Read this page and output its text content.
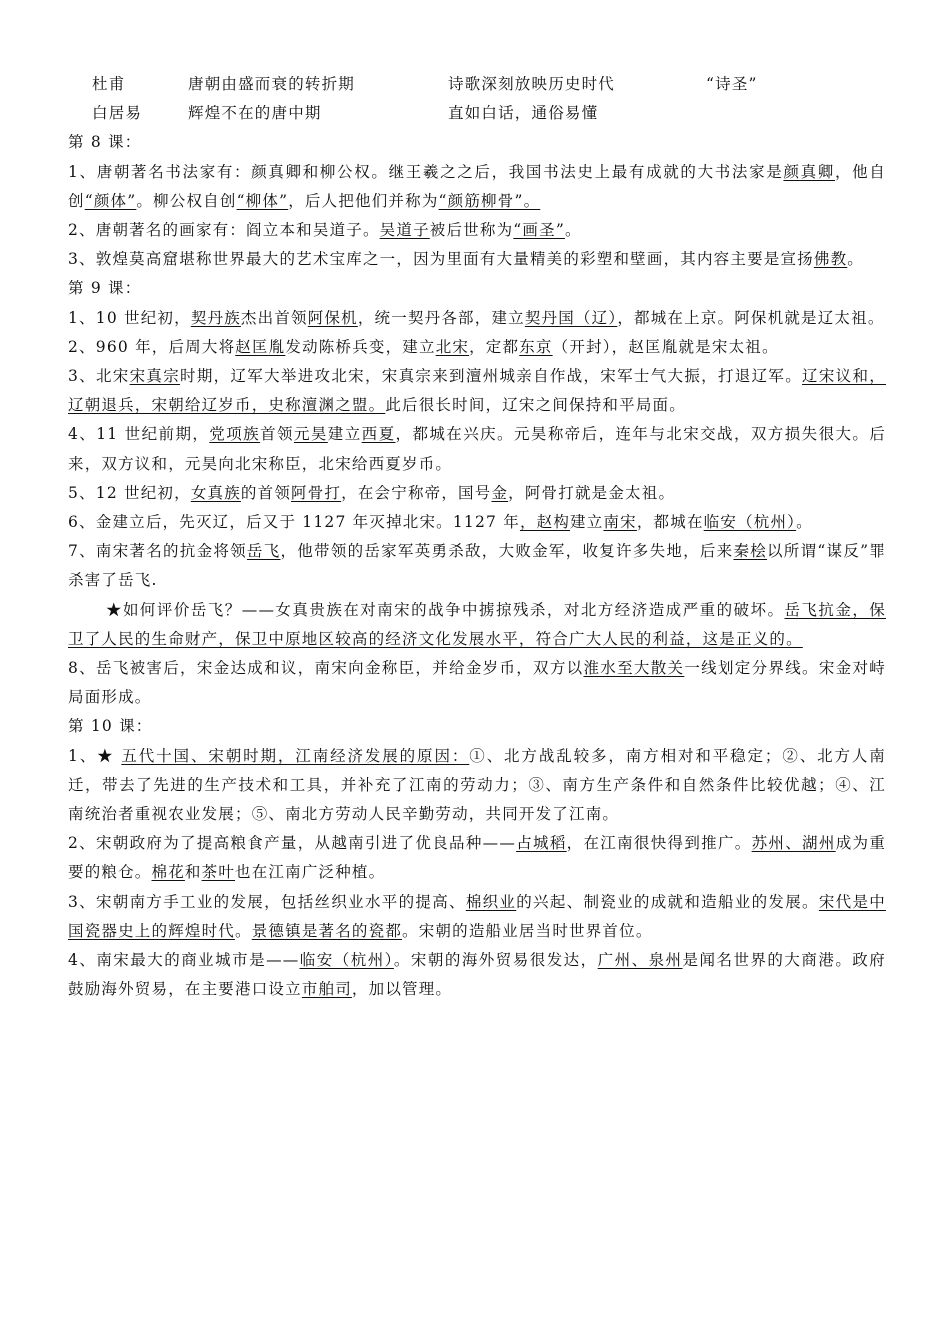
杜甫	唐朝由盛而衰的转折期	诗歌深刻放映历史时代	“诗圣”
白居易	辉煌不在的唐中期	直如白话，通俗易懂

第 8 课：

1、唐朝著名书法家有：颜真卿和柳公权。继王羲之之后，我国书法史上最有成就的大书法家是颜真卿，他自创“颜体”。柳公权自创“柳体”，后人把他们并称为“颜筋柳骨”。

2、唐朝著名的画家有：阎立本和吴道子。吴道子被后世称为“画圣”。

3、敦煌莫高窟堪称世界最大的艺术宝库之一，因为里面有大量精美的彩塑和壁画，其内容主要是宣扬佛教。

第 9 课：

1、10 世纪初，契丹族杰出首领阿保机，统一契丹各部，建立契丹国（辽），都城在上京。阿保机就是辽太祖。

2、960 年，后周大将赵匡胤发动陈桥兵变，建立北宋，定都东京（开封），赵匡胤就是宋太祖。

3、北宋宋真宗时期，辽军大举进攻北宋，宋真宗来到澶州城亲自作战，宋军士气大振，打退辽军。辽宋议和，辽朝退兵，宋朝给辽岁币，史称澶渊之盟。此后很长时间，辽宋之间保持和平局面。

4、11 世纪前期，党项族首领元昊建立西夏，都城在兴庆。元昊称帝后，连年与北宋交战，双方损失很大。后来，双方议和，元昊向北宋称臣，北宋给西夏岁币。

5、12 世纪初，女真族的首领阿骨打，在会宁称帝，国号金，阿骨打就是金太祖。

6、金建立后，先灭辽，后又于 1127 年灭掉北宋。1127 年，赵构建立南宋，都城在临安（杭州）。

7、南宋著名的抗金将领岳飞，他带领的岳家军英勇杀敌，大败金军，收复许多失地，后来秦桧以所谓“谋反”罪杀害了岳飞.

★如何评价岳飞？——女真贵族在对南宋的战争中掳掠残杀，对北方经济造成严重的破坏。岳飞抗金，保卫了人民的生命财产，保卫中原地区较高的经济文化发展水平，符合广大人民的利益，这是正义的。

8、岳飞被害后，宋金达成和议，南宋向金称臣，并给金岁币，双方以淮水至大散关一线划定分界线。宋金对峙局面形成。

第 10 课：

1、★ 五代十国、宋朝时期，江南经济发展的原因：①、北方战乱较多，南方相对和平稳定；②、北方人南迁，带去了先进的生产技术和工具，并补充了江南的劳动力；③、南方生产条件和自然条件比较优越；④、江南统治者重视农业发展；⑤、南北方劳动人民辛勤劳动，共同开发了江南。

2、宋朝政府为了提高粮食产量，从越南引进了优良品种——占城稻，在江南很快得到推广。苏州、湖州成为重要的粮仓。棉花和茶叶也在江南广泛种植。

3、宋朝南方手工业的发展，包括丝织业水平的提高、棉织业的兴起、制瓷业的成就和造船业的发展。宋代是中国瓷器史上的辉煌时代。景德镇是著名的瓷都。宋朝的造船业居当时世界首位。

4、南宋最大的商业城市是——临安（杭州）。宋朝的海外贸易很发达，广州、泉州是闻名世界的大商港。政府鼓励海外贸易，在主要港口设立市舶司，加以管理。
